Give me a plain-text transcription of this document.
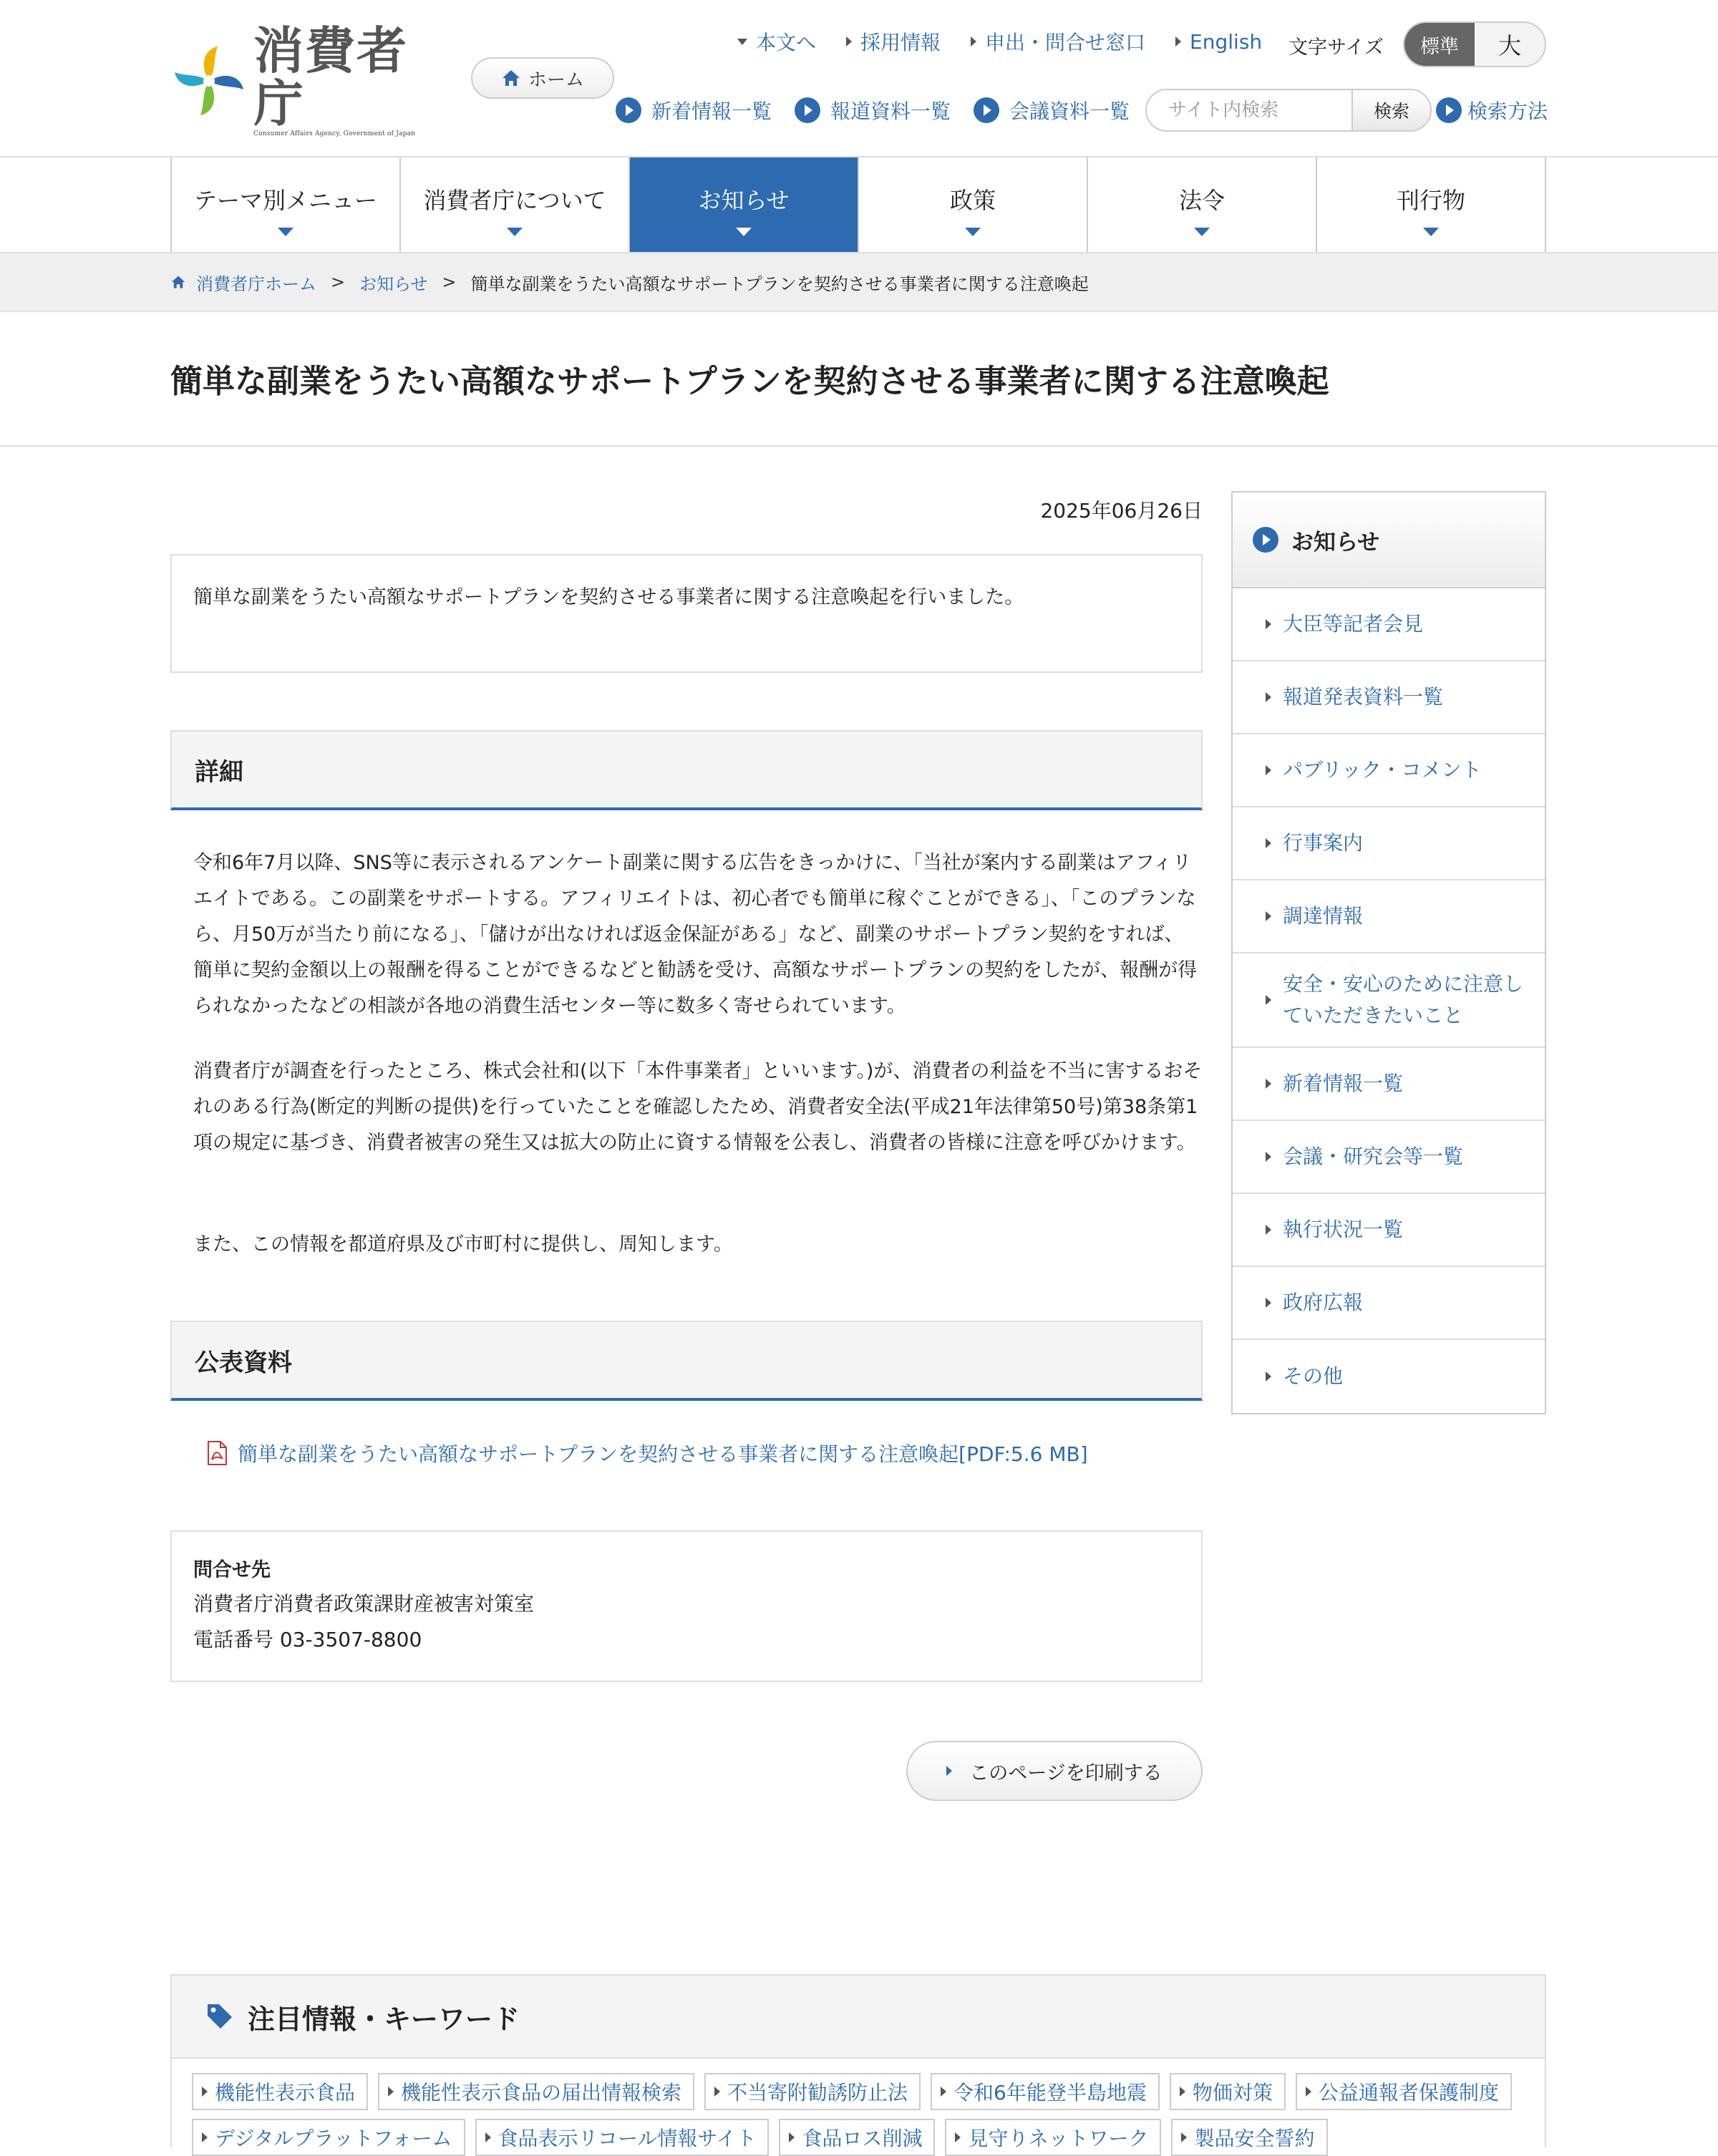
消費者庁
Consumer Affairs Agency, Government of Japan
ホーム
本文へ 採用情報 申出・問合せ窓口 English 文字サイズ	標準	大
新着情報一覧	報道資料一覧	会議資料一覧
サイト内検索	検索	検索方法
テーマ別メニュー 消費者庁について	お知らせ	政策	法令	刊行物
消費者庁ホーム > お知らせ > 簡単な副業をうたい高額なサポートプランを契約させる事業者に関する注意喚起
簡単な副業をうたい高額なサポートプランを契約させる事業者に関する注意喚起
2025年06月26日
簡単な副業をうたい高額なサポートプランを契約させる事業者に関する注意喚起を行いました。
詳細

令和6年7月以降、SNS等に表示されるアンケート副業に関する広告をきっかけに、「当社が案内する副業はアフィリエイトである。この副業をサポートする。アフィリエイトは、初心者でも簡単に稼ぐことができる」、「このプランなら、月50万が当たり前になる」、「儲けが出なければ返金保証がある」など、副業のサポートプラン契約をすれば、簡単に契約金額以上の報酬を得ることができるなどと勧誘を受け、高額なサポートプランの契約をしたが、報酬が得られなかったなどの相談が各地の消費生活センター等に数多く寄せられています。

消費者庁が調査を行ったところ、株式会社和(以下「本件事業者」といいます。)が、消費者の利益を不当に害するおそれのある行為(断定的判断の提供)を行っていたことを確認したため、消費者安全法(平成21年法律第50号)第38条第1項の規定に基づき、消費者被害の発生又は拡大の防止に資する情報を公表し、消費者の皆様に注意を呼びかけます。

また、この情報を都道府県及び市町村に提供し、周知します。

公表資料
簡単な副業をうたい高額なサポートプランを契約させる事業者に関する注意喚起[PDF:5.6 MB]
問合せ先
消費者庁消費者政策課財産被害対策室
電話番号 03-3507-8800
このページを印刷する
お知らせ
大臣等記者会見
報道発表資料一覧
パブリック・コメント
行事案内
調達情報
安全・安心のために注意していただきたいこと
新着情報一覧
会議・研究会等一覧
執行状況一覧
政府広報
その他
注目情報・キーワード
機能性表示食品 機能性表示食品の届出情報検索 不当寄附勧誘防止法 令和6年能登半島地震 物価対策 公益通報者保護制度
デジタルプラットフォーム 食品表示リコール情報サイト 食品ロス削減 見守りネットワーク 製品安全誓約
